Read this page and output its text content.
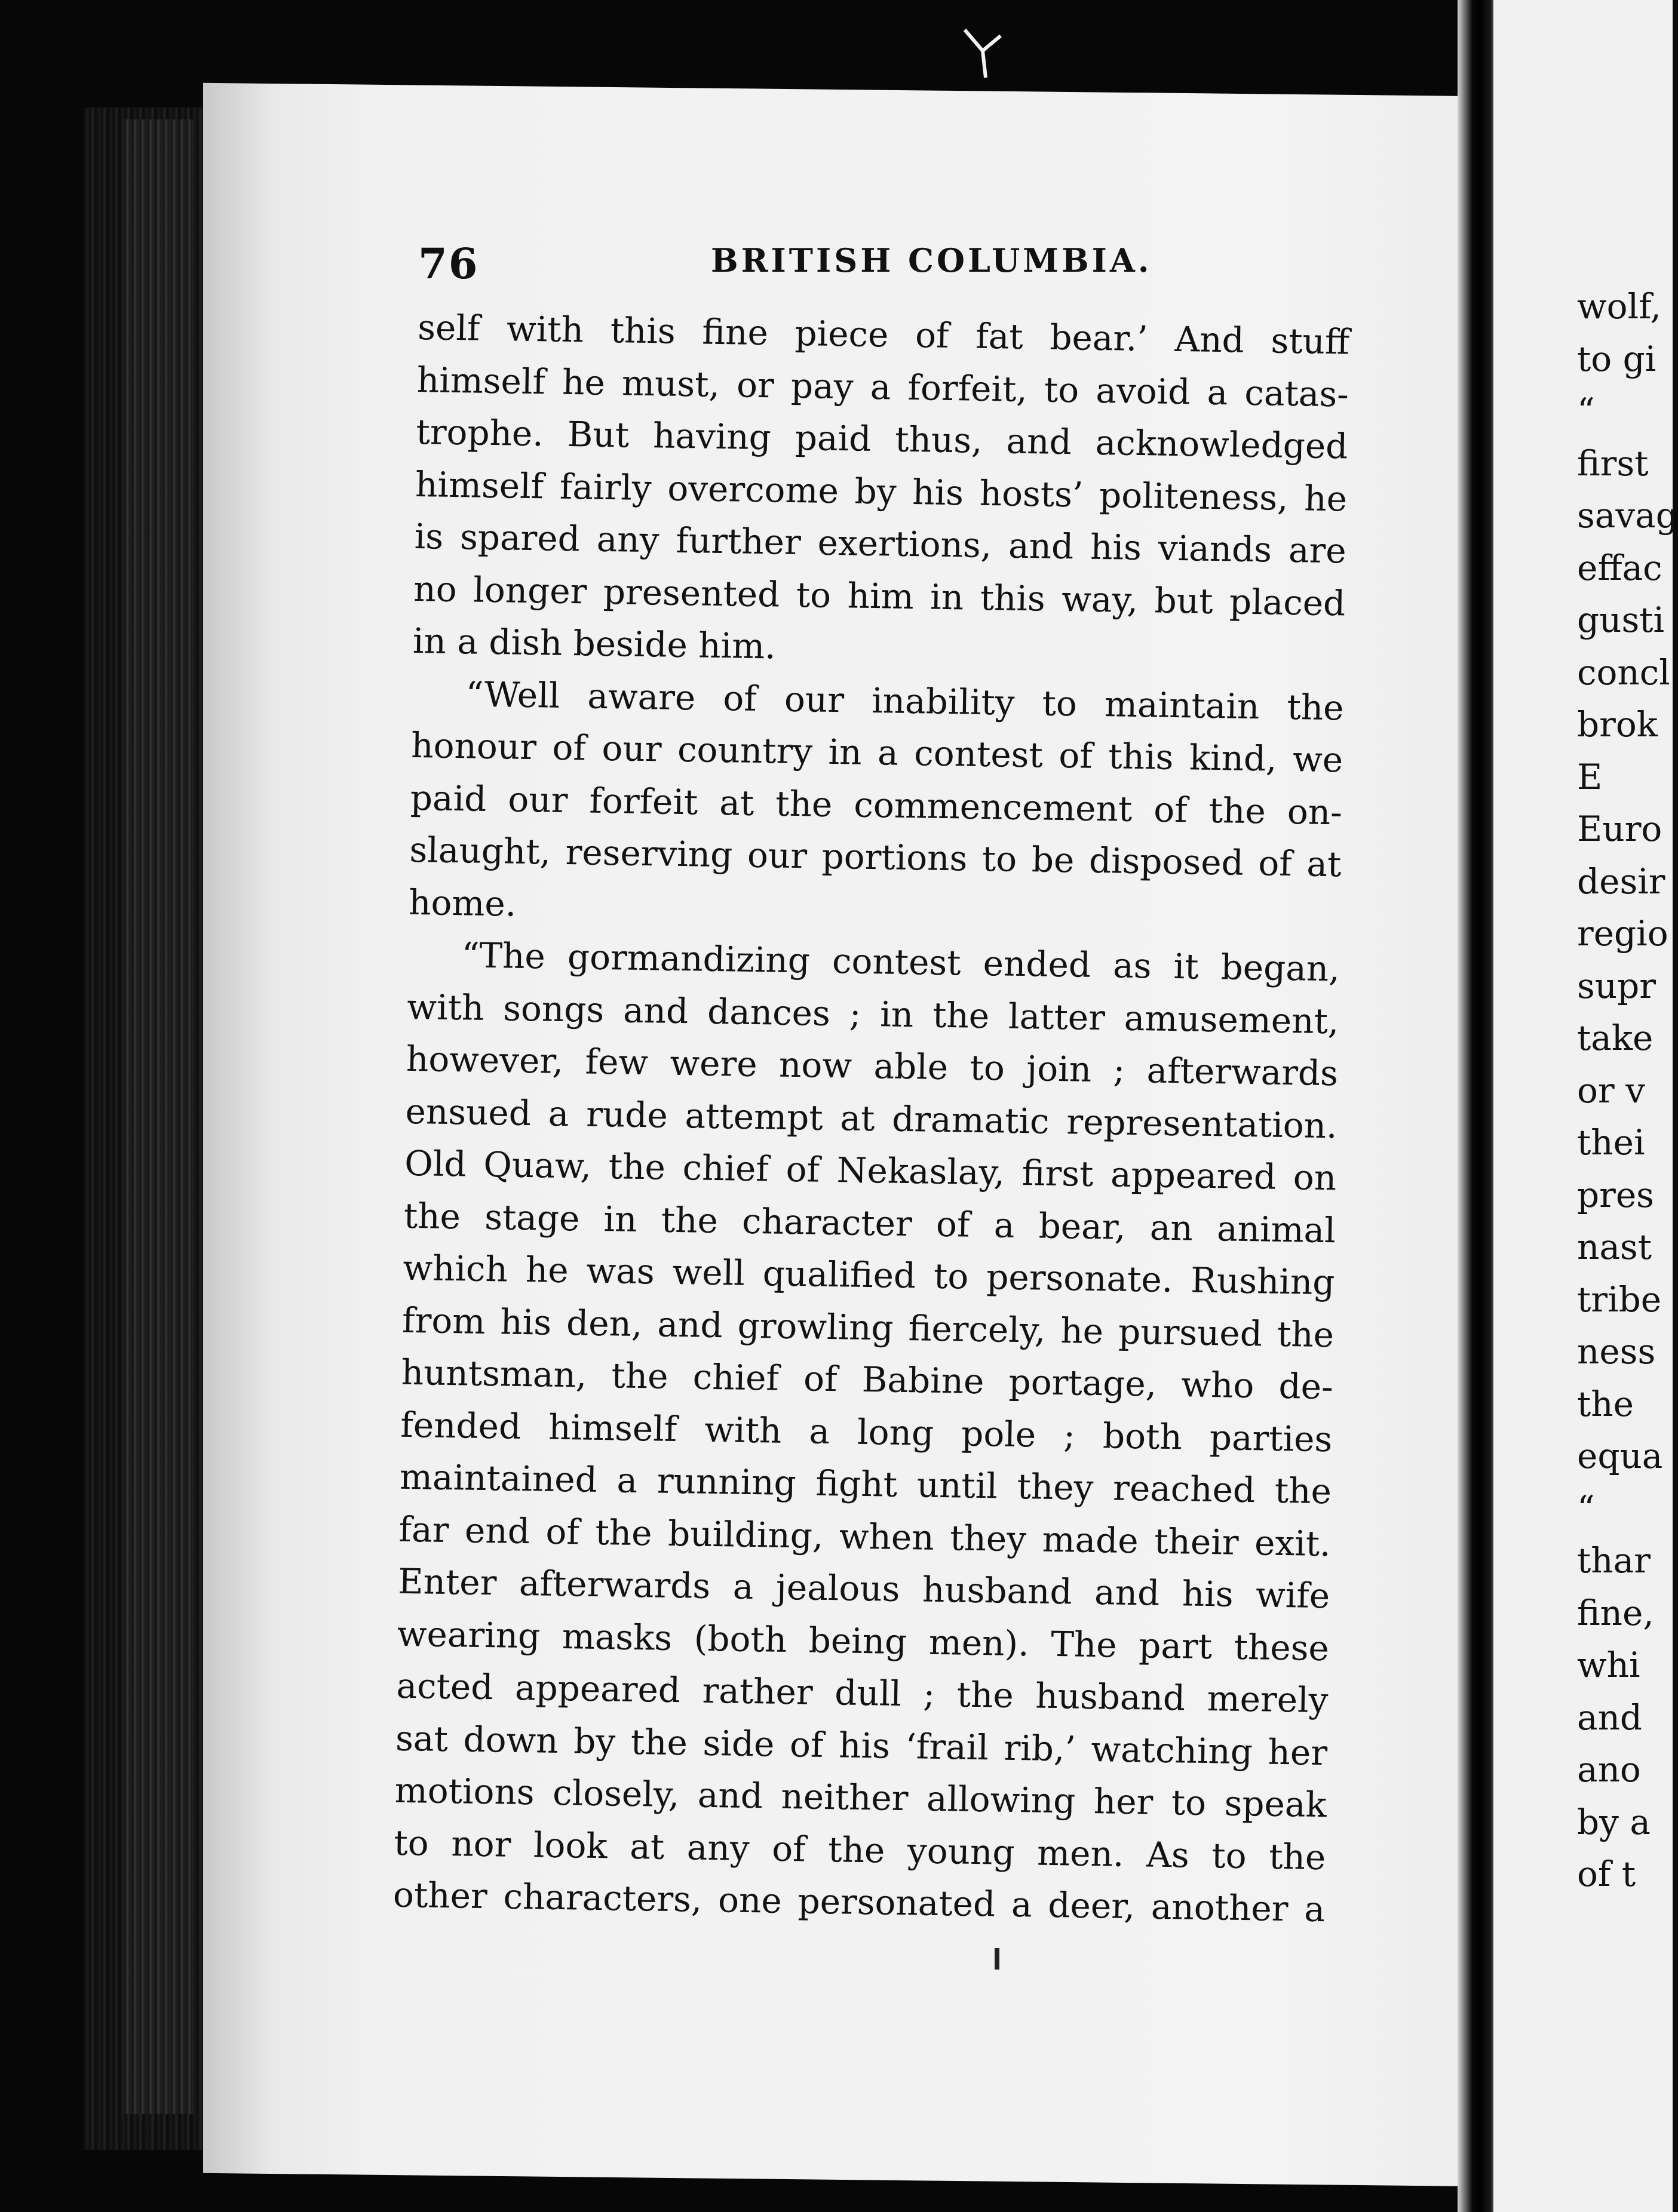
76	BRITISH COLUMBIA.
self with this fine piece of fat bear.’ And stuff
himself he must, or pay a forfeit, to avoid a catas-
trophe. But having paid thus, and acknowledged
himself fairly overcome by his hosts’ politeness, he
is spared any further exertions, and his viands are
no longer presented to him in this way, but placed
in a dish beside him.
“Well aware of our inability to maintain the
honour of our country in a contest of this kind, we
paid our forfeit at the commencement of the on-
slaught, reserving our portions to be disposed of at
home.
“The gormandizing contest ended as it began,
with songs and dances ; in the latter amusement,
however, few were now able to join ; afterwards
ensued a rude attempt at dramatic representation.
Old Quaw, the chief of Nekaslay, first appeared on
the stage in the character of a bear, an animal
which he was well qualified to personate. Rushing
from his den, and growling fiercely, he pursued the
huntsman, the chief of Babine portage, who de-
fended himself with a long pole ; both parties
maintained a running fight until they reached the
far end of the building, when they made their exit.
Enter afterwards a jealous husband and his wife
wearing masks (both being men). The part these
acted appeared rather dull ; the husband merely
sat down by the side of his ‘frail rib,’ watching her
motions closely, and neither allowing her to speak
to nor look at any of the young men. As to the
other characters, one personated a deer, another a
wolf,
to gi
“
first
savag
effac
gusti
concl
brok
E
Euro
desir
regio
supr
take
or v
thei
pres
nast
tribe
ness
the
equa
“
thar
fine,
whi
and
ano
by a
of t
